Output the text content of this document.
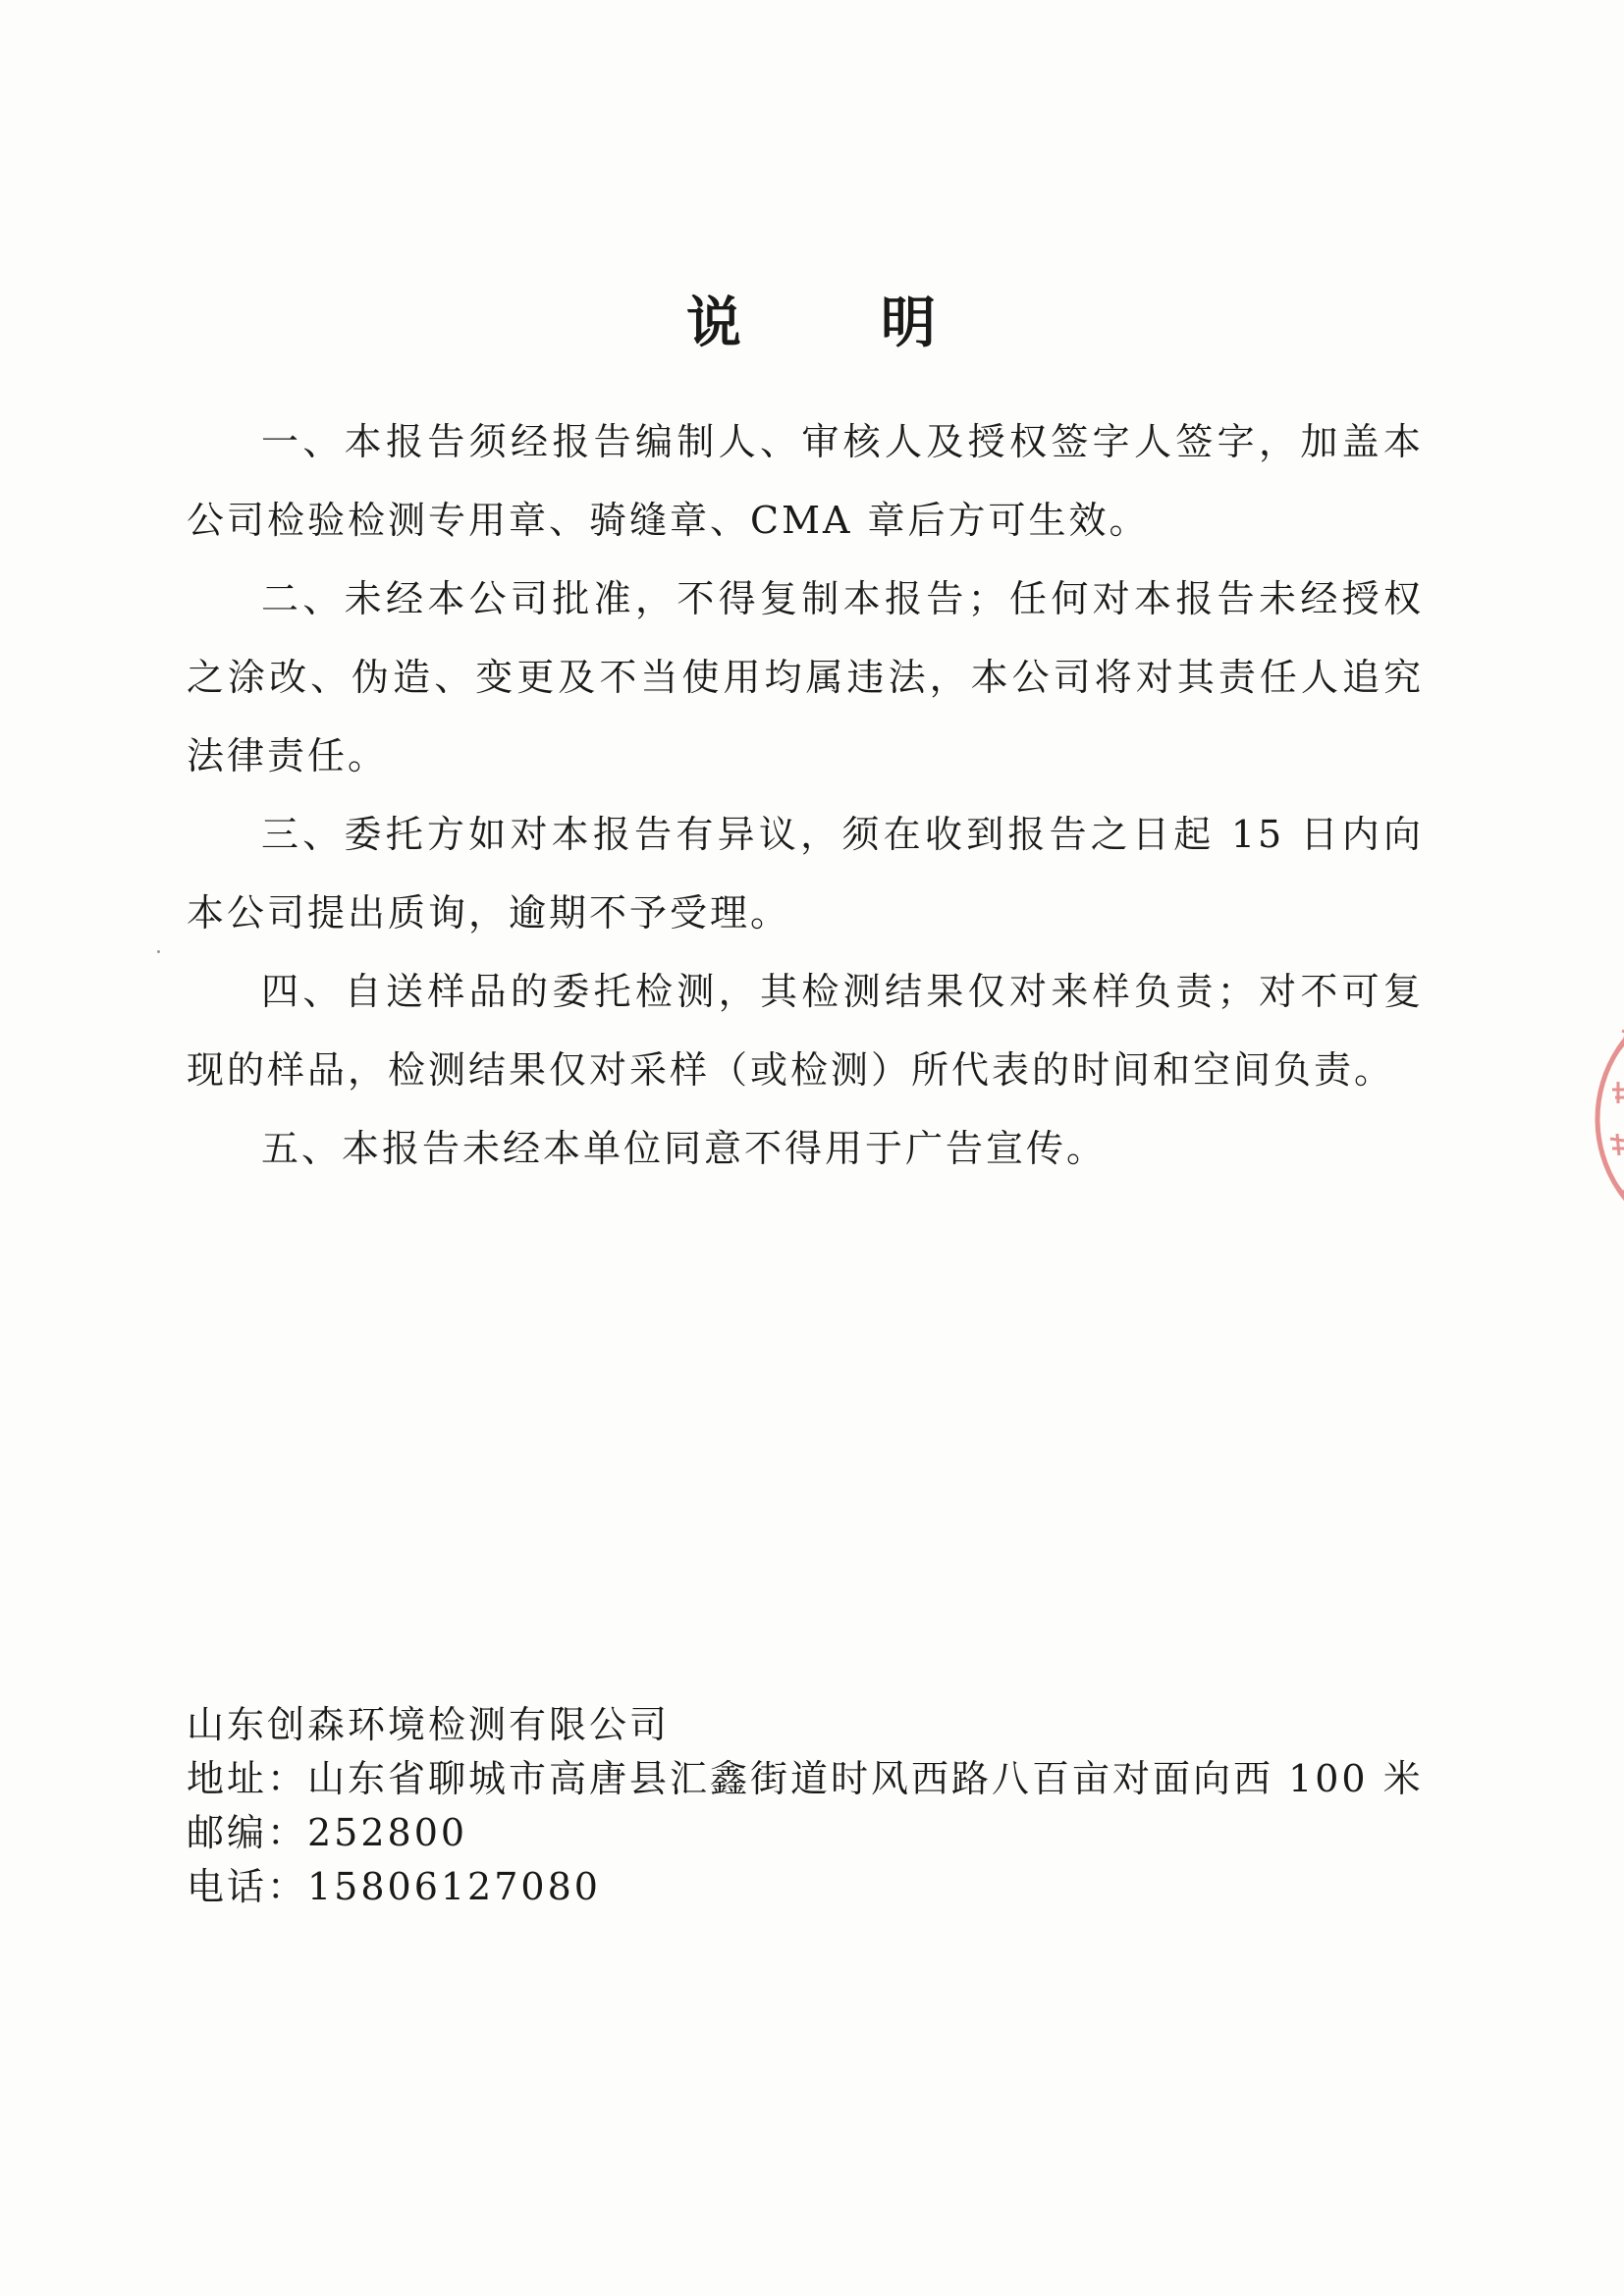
说	明

一、本报告须经报告编制人、审核人及授权签字人签字，加盖本公司检验检测专用章、骑缝章、CMA 章后方可生效。

二、未经本公司批准，不得复制本报告；任何对本报告未经授权之涂改、伪造、变更及不当使用均属违法，本公司将对其责任人追究法律责任。

三、委托方如对本报告有异议，须在收到报告之日起 15 日内向本公司提出质询，逾期不予受理。

四、自送样品的委托检测，其检测结果仅对来样负责；对不可复现的样品，检测结果仅对采样（或检测）所代表的时间和空间负责。

五、本报告未经本单位同意不得用于广告宣传。

山东创森环境检测有限公司
地址：山东省聊城市高唐县汇鑫街道时风西路八百亩对面向西 100 米
邮编：252800
电话：15806127080
